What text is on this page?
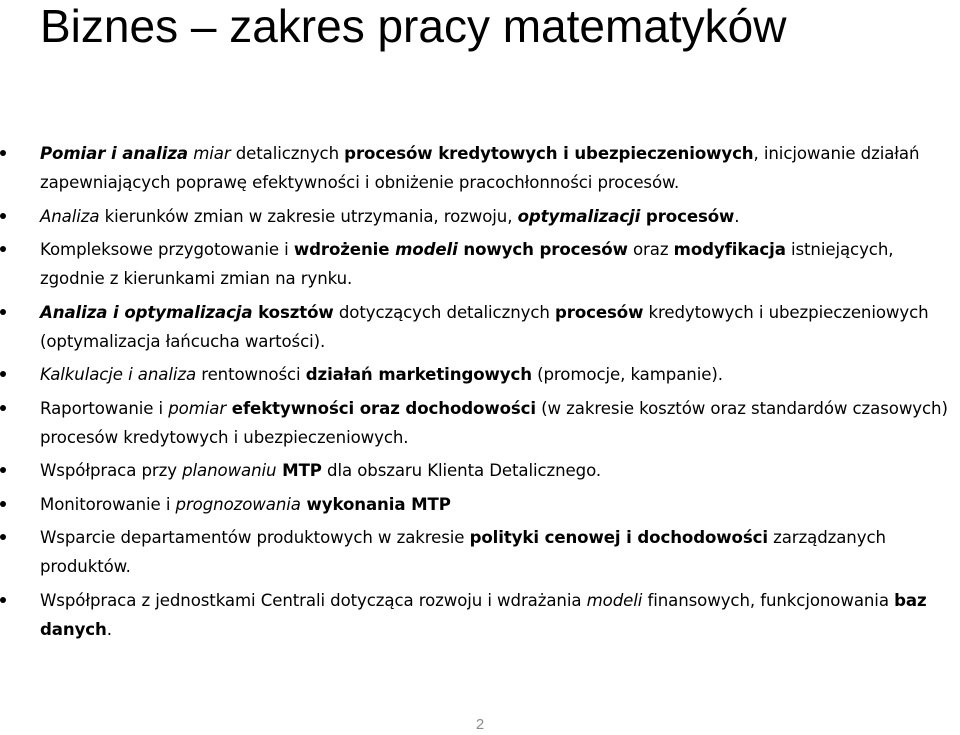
Biznes – zakres pracy matematyków
Pomiar i analiza miar detalicznych procesów kredytowych i ubezpieczeniowych, inicjowanie działań zapewniających poprawę efektywności i obniżenie pracochłonności procesów.
Analiza kierunków zmian w zakresie utrzymania, rozwoju, optymalizacji procesów.
Kompleksowe przygotowanie i wdrożenie modeli nowych procesów oraz modyfikacja istniejących, zgodnie z kierunkami zmian na rynku.
Analiza i optymalizacja kosztów dotyczących detalicznych procesów kredytowych i ubezpieczeniowych (optymalizacja łańcucha wartości).
Kalkulacje i analiza rentowności działań marketingowych (promocje, kampanie).
Raportowanie i pomiar efektywności oraz dochodowości (w zakresie kosztów oraz standardów czasowych) procesów kredytowych i ubezpieczeniowych.
Współpraca przy planowaniu MTP dla obszaru Klienta Detalicznego.
Monitorowanie i prognozowania wykonania MTP
Wsparcie departamentów produktowych w zakresie polityki cenowej i dochodowości zarządzanych produktów.
Współpraca z jednostkami Centrali dotycząca rozwoju i wdrażania modeli finansowych, funkcjonowania baz danych.
2
